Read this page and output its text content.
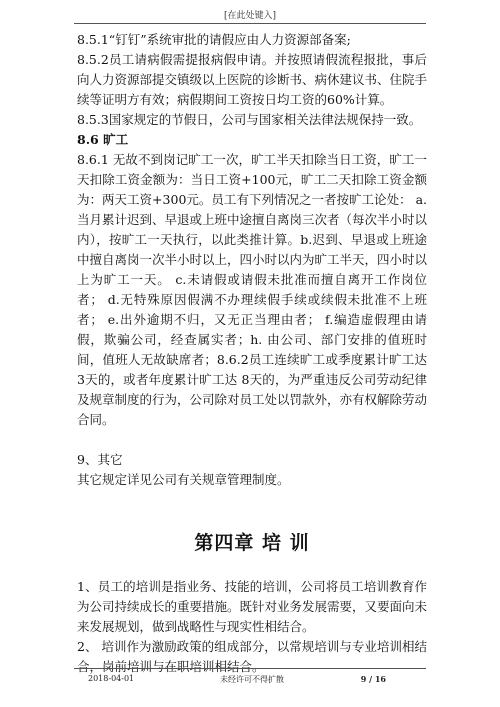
[在此处键入]

8.5.1“钉钉”系统审批的请假应由人力资源部备案;

8.5.2员工请病假需提报病假申请。并按照请假流程报批，事后向人力资源部提交镇级以上医院的诊断书、病休建议书、住院手续等证明方有效；病假期间工资按日均工资的60%计算。

8.5.3国家规定的节假日，公司与国家相关法律法规保持一致。

8.6 旷工

8.6.1 无故不到岗记旷工一次，旷工半天扣除当日工资，旷工一天扣除工资金额为：当日工资+100元，旷工二天扣除工资金额为：两天工资+300元。员工有下列情况之一者按旷工论处： a.当月累计迟到、早退或上班中途擅自离岗三次者（每次半小时以内），按旷工一天执行，以此类推计算。b.迟到、早退或上班途中擅自离岗一次半小时以上，四小时以内为旷工半天，四小时以上为旷工一天。 c.未请假或请假未批准而擅自离开工作岗位者； d.无特殊原因假满不办理续假手续或续假未批准不上班者； e.出外逾期不归，又无正当理由者； f.编造虚假理由请假，欺骗公司，经查属实者；h. 由公司、部门安排的值班时间，值班人无故缺席者；8.6.2员工连续旷工或季度累计旷工达 3天的，或者年度累计旷工达 8天的，为严重违反公司劳动纪律及规章制度的行为，公司除对员工处以罚款外，亦有权解除劳动合同。

9、其它

其它规定详见公司有关规章管理制度。

第四章 培 训

1、员工的培训是指业务、技能的培训，公司将员工培训教育作为公司持续成长的重要措施。既针对业务发展需要，又要面向未来发展规划，做到战略性与现实性相结合。

2、 培训作为激励政策的组成部分，以常规培训与专业培训相结合，岗前培训与在职培训相结合。

2018-04-01	未经许可不得扩散	9 / 16
